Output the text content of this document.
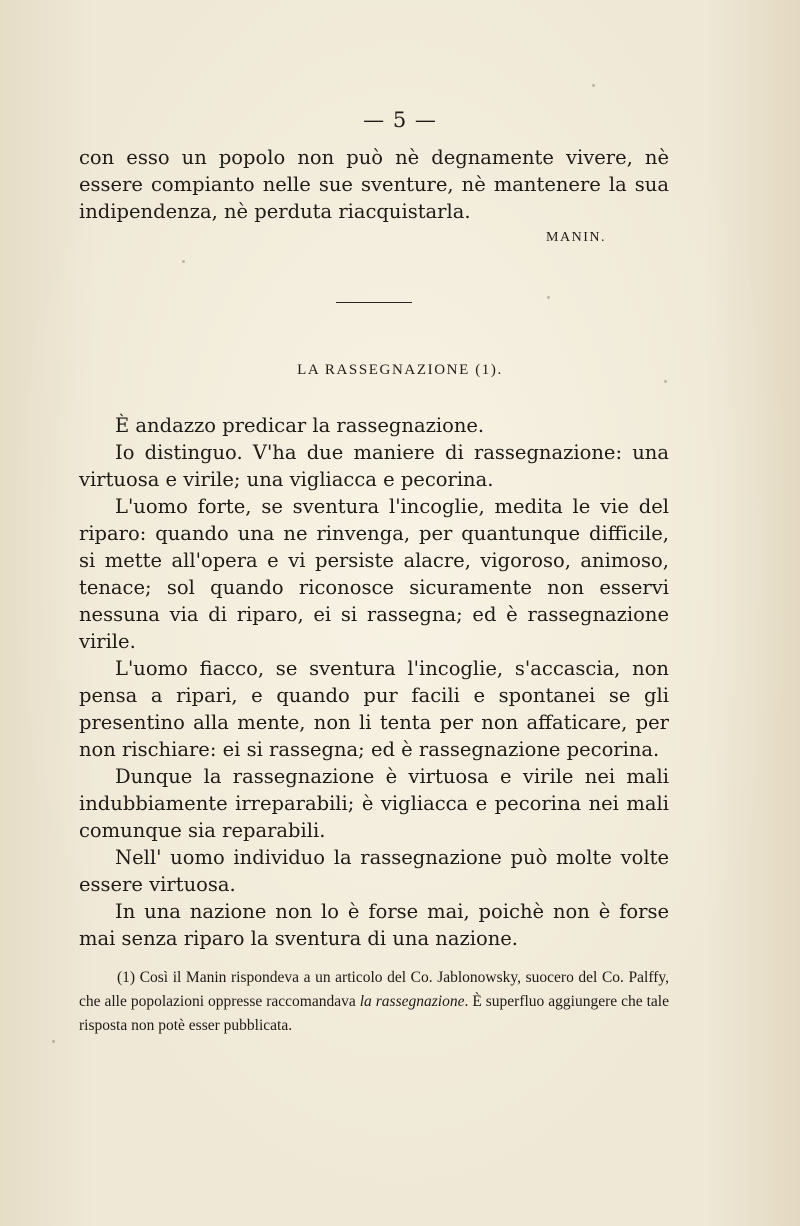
— 5 —

con esso un popolo non può nè degnamente vivere, nè essere compianto nelle sue sventure, nè mantenere la sua indipendenza, nè perduta riacquistarla.

MANIN.
LA RASSEGNAZIONE (1).

È andazzo predicar la rassegnazione.

Io distinguo. V'ha due maniere di rassegnazione: una virtuosa e virile; una vigliacca e pecorina.

L'uomo forte, se sventura l'incoglie, medita le vie del riparo: quando una ne rinvenga, per quantunque difficile, si mette all'opera e vi persiste alacre, vigoroso, animoso, tenace; sol quando riconosce sicuramente non esservi nessuna via di riparo, ei si rassegna; ed è rassegnazione virile.

L'uomo fiacco, se sventura l'incoglie, s'accascia, non pensa a ripari, e quando pur facili e spontanei se gli presentino alla mente, non li tenta per non affaticare, per non rischiare: ei si rassegna; ed è rassegnazione pecorina.

Dunque la rassegnazione è virtuosa e virile nei mali indubbiamente irreparabili; è vigliacca e pecorina nei mali comunque sia reparabili.

Nell' uomo individuo la rassegnazione può molte volte essere virtuosa.

In una nazione non lo è forse mai, poichè non è forse mai senza riparo la sventura di una nazione.

(1) Così il Manin rispondeva a un articolo del Co. Jablonowsky, suocero del Co. Palffy, che alle popolazioni oppresse raccomandava la rassegnazione. È superfluo aggiungere che tale risposta non potè esser pubblicata.
